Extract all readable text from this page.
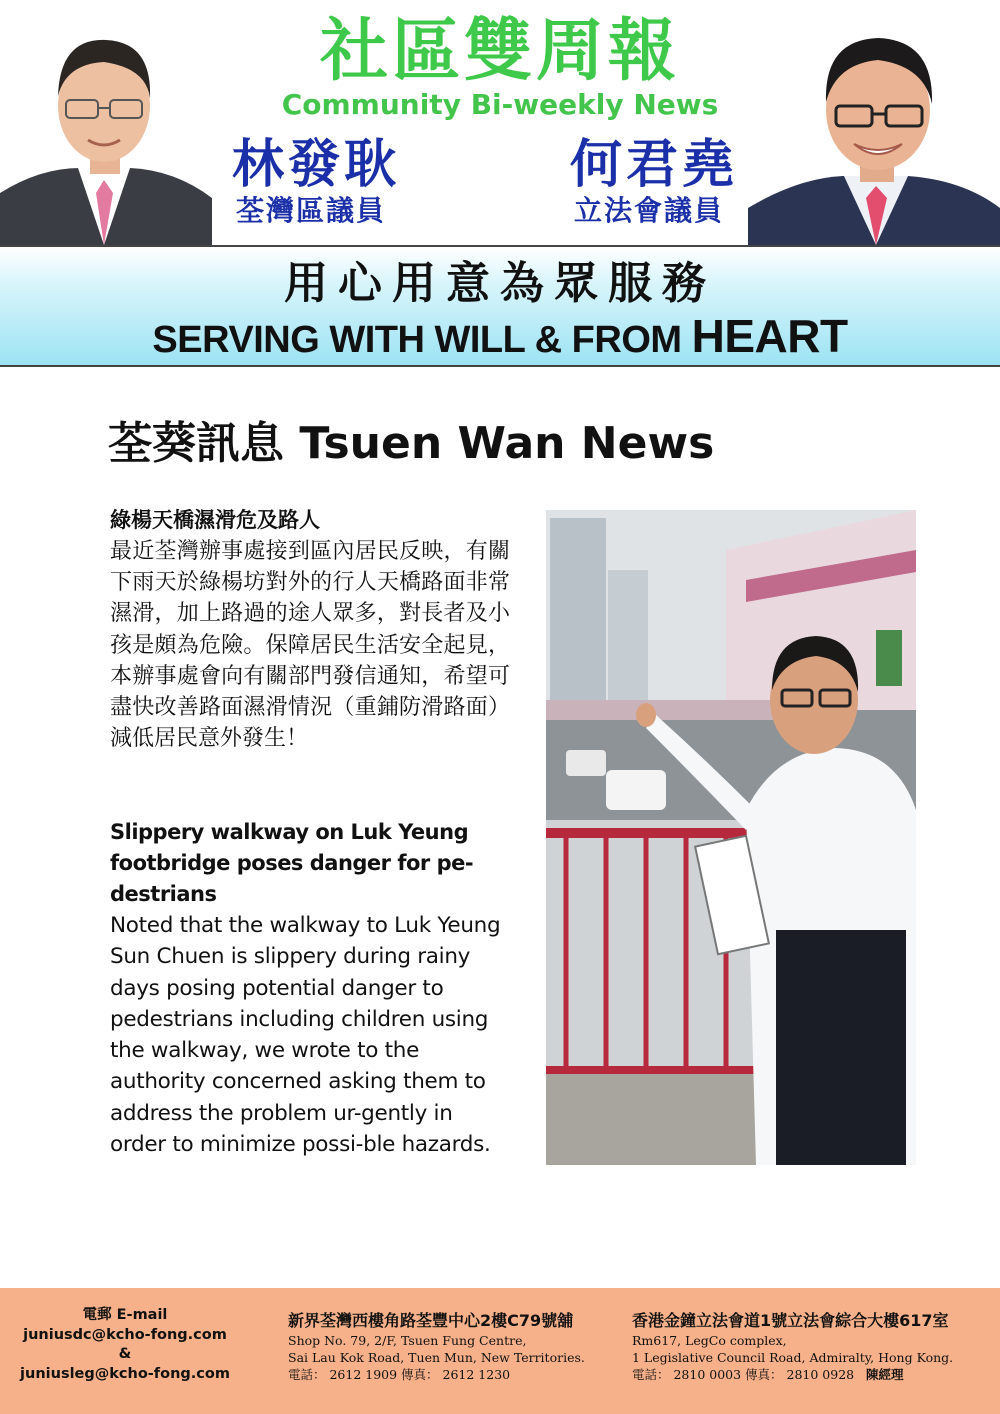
社區雙周報
Community Bi-weekly News
林發耿
荃灣區議員
何君堯
立法會議員
用心用意為眾服務
SERVING WITH WILL & FROM HEART
荃葵訊息 Tsuen Wan News
綠楊天橋濕滑危及路人
最近荃灣辦事處接到區內居民反映，有關下雨天於綠楊坊對外的行人天橋路面非常濕滑，加上路過的途人眾多，對長者及小孩是頗為危險。保障居民生活安全起見，本辦事處會向有關部門發信通知，希望可盡快改善路面濕滑情況（重鋪防滑路面）減低居民意外發生！
Slippery walkway on Luk Yeung footbridge poses danger for pe-destrians
Noted that the walkway to Luk Yeung Sun Chuen is slippery during rainy days posing potential danger to pedestrians including children using the walkway, we wrote to the authority concerned asking them to address the problem ur-gently in order to minimize possi-ble hazards.
電郵 E-mail
juniusdc@kcho-fong.com
&
juniusleg@kcho-fong.com
新界荃灣西樓角路荃豐中心2樓C79號舖
Shop No. 79, 2/F, Tsuen Fung Centre,
Sai Lau Kok Road, Tuen Mun, New Territories.
電話： 2612 1909 傳真： 2612 1230
香港金鐘立法會道1號立法會綜合大樓617室
Rm617, LegCo complex,
1 Legislative Council Road, Admiralty, Hong Kong.
電話： 2810 0003 傳真： 2810 0928 陳經理
